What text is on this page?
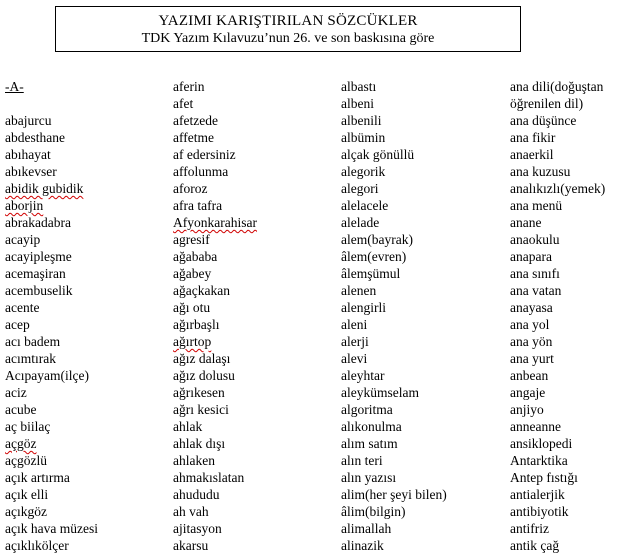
YAZIMI KARIŞTIRILAN SÖZCÜKLER
TDK Yazım Kılavuzu’nun 26. ve son baskısına göre
-A-
abajurcu
abdesthane
abıhayat
abıkevser
abidik gubidik
aborjin
abrakadabra
acayip
acayipleşme
acemaşiran
acembuselik
acente
acep
acı badem
acımtırak
Acıpayam(ilçe)
aciz
acube
aç biilaç
açgöz
açgözlü
açık artırma
açık elli
açıkgöz
açık hava müzesi
açıklıkölçer
aferin
afet
afetzede
affetme
af edersiniz
affolunma
aforoz
afra tafra
Afyonkarahisar
agresif
ağababa
ağabey
ağaçkakan
ağı otu
ağırbaşlı
ağırtop
ağız dalaşı
ağız dolusu
ağrıkesen
ağrı kesici
ahlak
ahlak dışı
ahlaken
ahmakıslatan
ahududu
ah vah
ajitasyon
akarsu
albastı
albeni
albenili
albümin
alçak gönüllü
alegorik
alegori
alelacele
alelade
alem(bayrak)
âlem(evren)
âlemşümul
alenen
alengirli
aleni
alerji
alevi
aleyhtar
aleykümselam
algoritma
alıkonulma
alım satım
alın teri
alın yazısı
alim(her şeyi bilen)
âlim(bilgin)
alimallah
alinazik
ana dili(doğuştan
öğrenilen dil)
ana düşünce
ana fikir
anaerkil
ana kuzusu
analıkızlı(yemek)
ana menü
anane
anaokulu
anapara
ana sınıfı
ana vatan
anayasa
ana yol
ana yön
ana yurt
anbean
angaje
anjiyo
anneanne
ansiklopedi
Antarktika
Antep fıstığı
antialerjik
antibiyotik
antifriz
antik çağ
